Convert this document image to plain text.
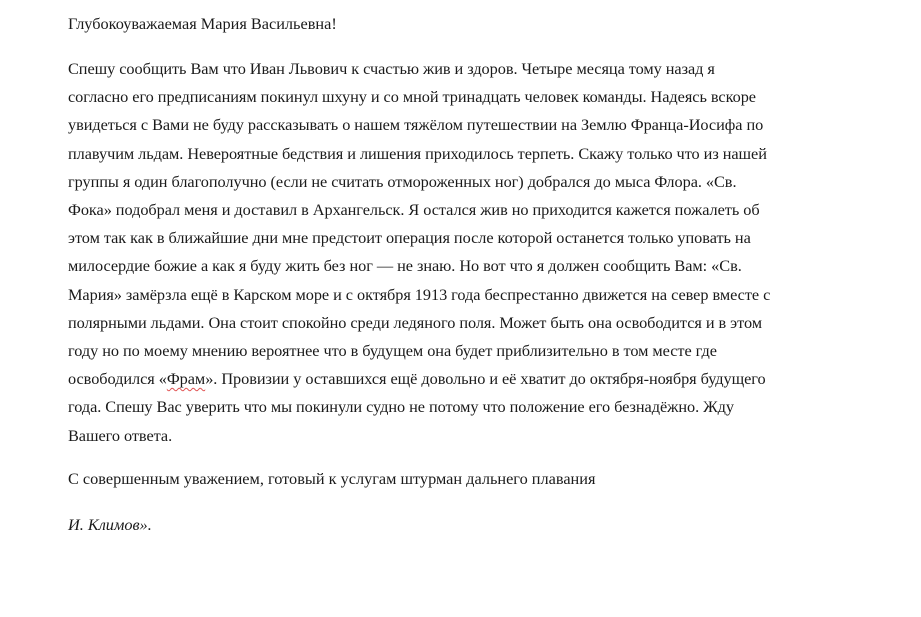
Глубокоуважаемая Мария Васильевна!

Спешу сообщить Вам что Иван Львович к счастью жив и здоров. Четыре месяца тому назад я
согласно его предписаниям покинул шхуну и со мной тринадцать человек команды. Надеясь вскоре
увидеться с Вами не буду рассказывать о нашем тяжёлом путешествии на Землю Франца-Иосифа по
плавучим льдам. Невероятные бедствия и лишения приходилось терпеть. Скажу только что из нашей
группы я один благополучно (если не считать отмороженных ног) добрался до мыса Флора. «Св.
Фока» подобрал меня и доставил в Архангельск. Я остался жив но приходится кажется пожалеть об
этом так как в ближайшие дни мне предстоит операция после которой останется только уповать на
милосердие божие а как я буду жить без ног — не знаю. Но вот что я должен сообщить Вам: «Св.
Мария» замёрзла ещё в Карском море и с октября 1913 года беспрестанно движется на север вместе с
полярными льдами. Она стоит спокойно среди ледяного поля. Может быть она освободится и в этом
году но по моему мнению вероятнее что в будущем она будет приблизительно в том месте где
освободился «Фрам». Провизии у оставшихся ещё довольно и её хватит до октября-ноября будущего
года. Спешу Вас уверить что мы покинули судно не потому что положение его безнадёжно. Жду
Вашего ответа.

С совершенным уважением, готовый к услугам штурман дальнего плавания

И. Климов».
